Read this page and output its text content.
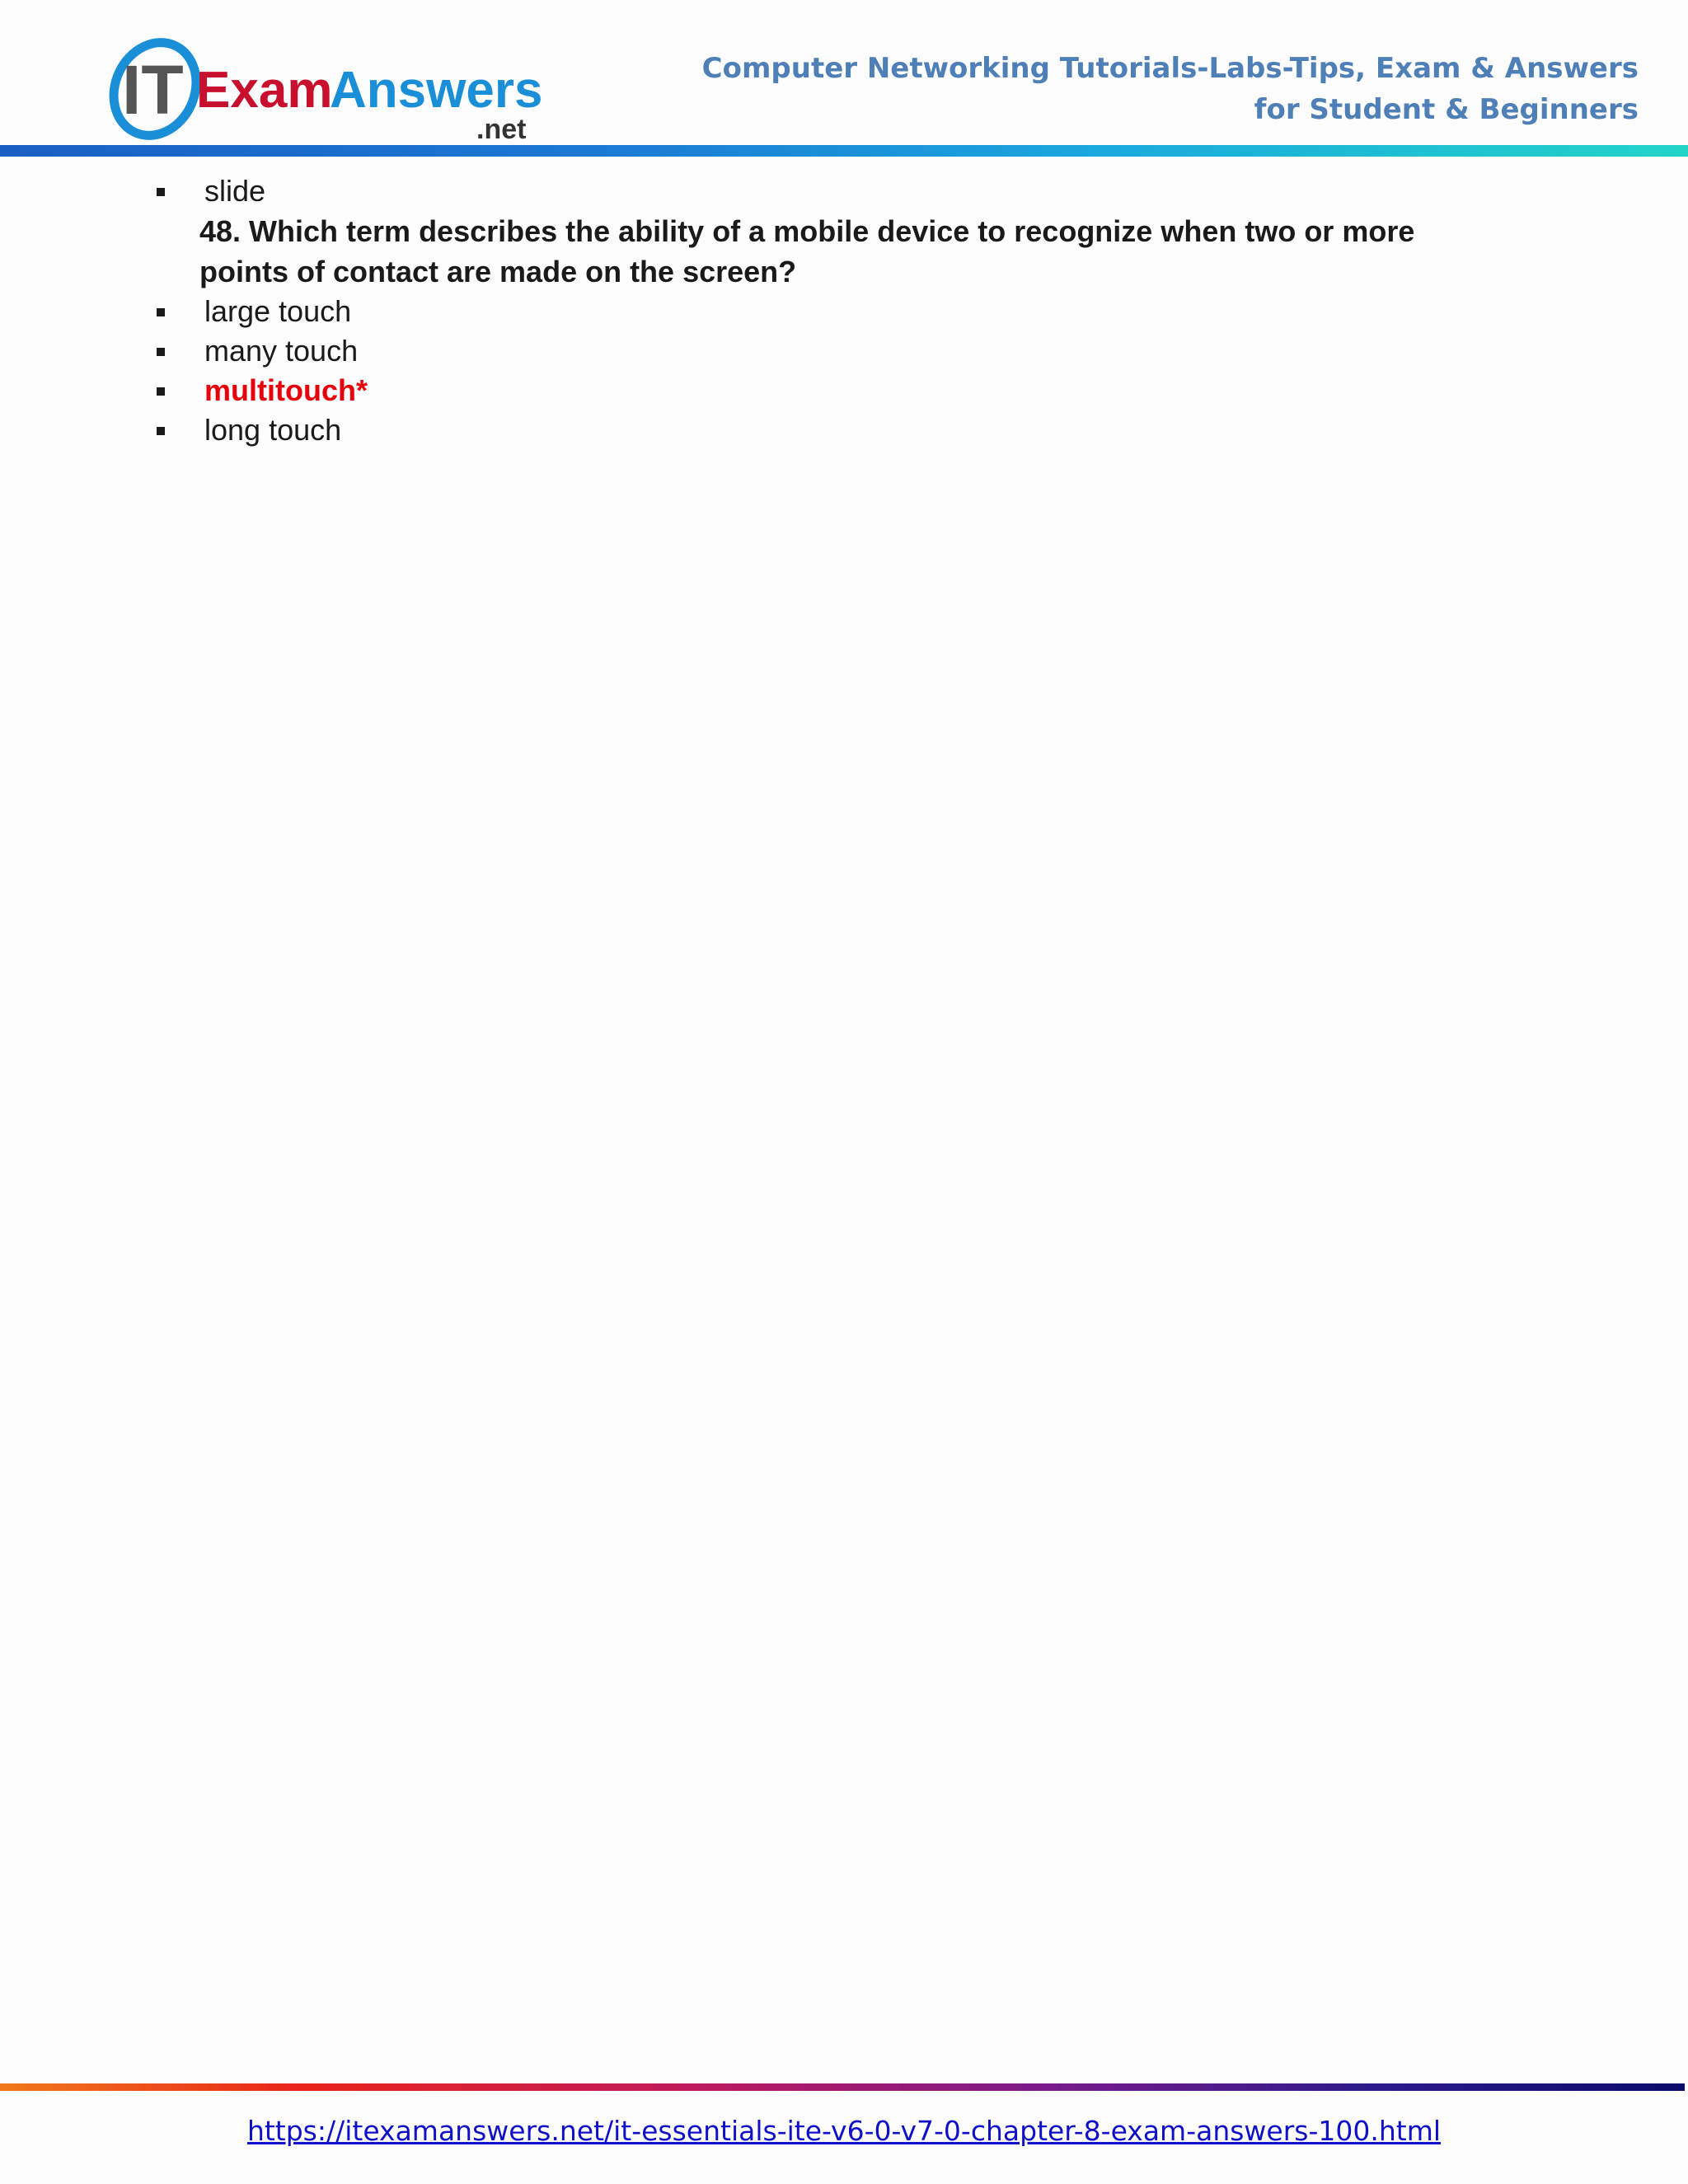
IT Exam
Answers
.net
Computer Networking Tutorials-Labs-Tips, Exam & Answers
for Student & Beginners
slide
48. Which term describes the ability of a mobile device to recognize when two or more points of contact are made on the screen?
large touch
many touch
multitouch*
long touch
https://itexamanswers.net/it-essentials-ite-v6-0-v7-0-chapter-8-exam-answers-100.html
